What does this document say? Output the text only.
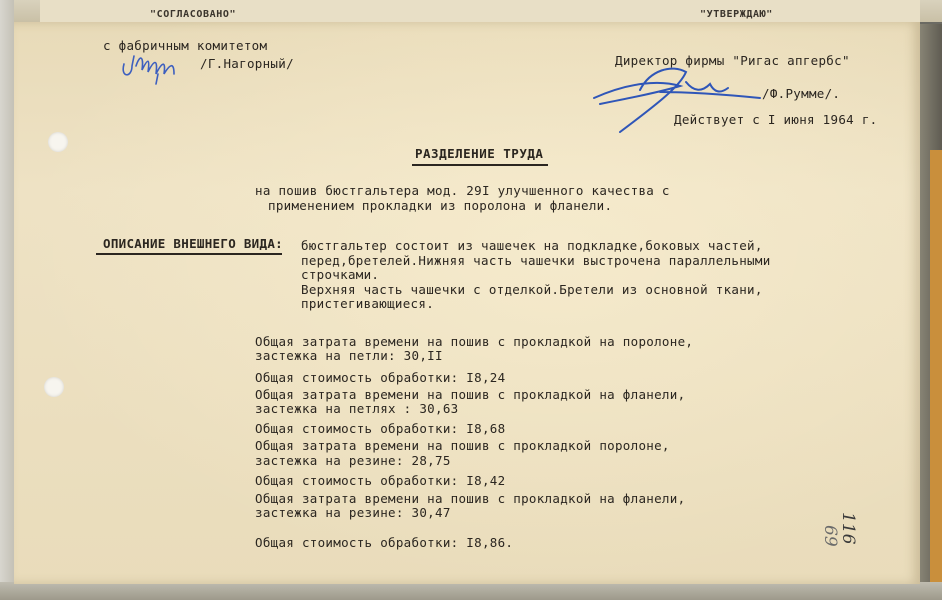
"СОГЛАСОВАНО"	"УТВЕРЖДАЮ"
с фабричным комитетом
/Г.Нагорный/	Директор фирмы "Ригас апгербс"
/Ф.Румме/.
Действует с I июня 1964 г.
РАЗДЕЛЕНИЕ ТРУДА
на пошив бюстгальтера мод. 29I улучшенного качества с
применением прокладки из поролона и фланели.
ОПИСАНИЕ ВНЕШНЕГО ВИДА: бюстгальтер состоит из чашечек на подкладке,боковых частей,
перед,бретелей.Нижняя часть чашечки выстрочена параллельными
строчками.
Верхняя часть чашечки с отделкой.Бретели из основной ткани,
пристегивающиеся.
Общая затрата времени на пошив с прокладкой на поролоне,
застежка на петли: 30,II
Общая стоимость обработки: I8,24
Общая затрата времени на пошив с прокладкой на фланели,
застежка на петлях : 30,63
Общая стоимость обработки: I8,68
Общая затрата времени на пошив с прокладкой поролоне,
застежка на резине: 28,75
Общая стоимость обработки: I8,42
Общая затрата времени на пошив с прокладкой на фланели,
застежка на резине: 30,47
Общая стоимость обработки: I8,86.	116
69
